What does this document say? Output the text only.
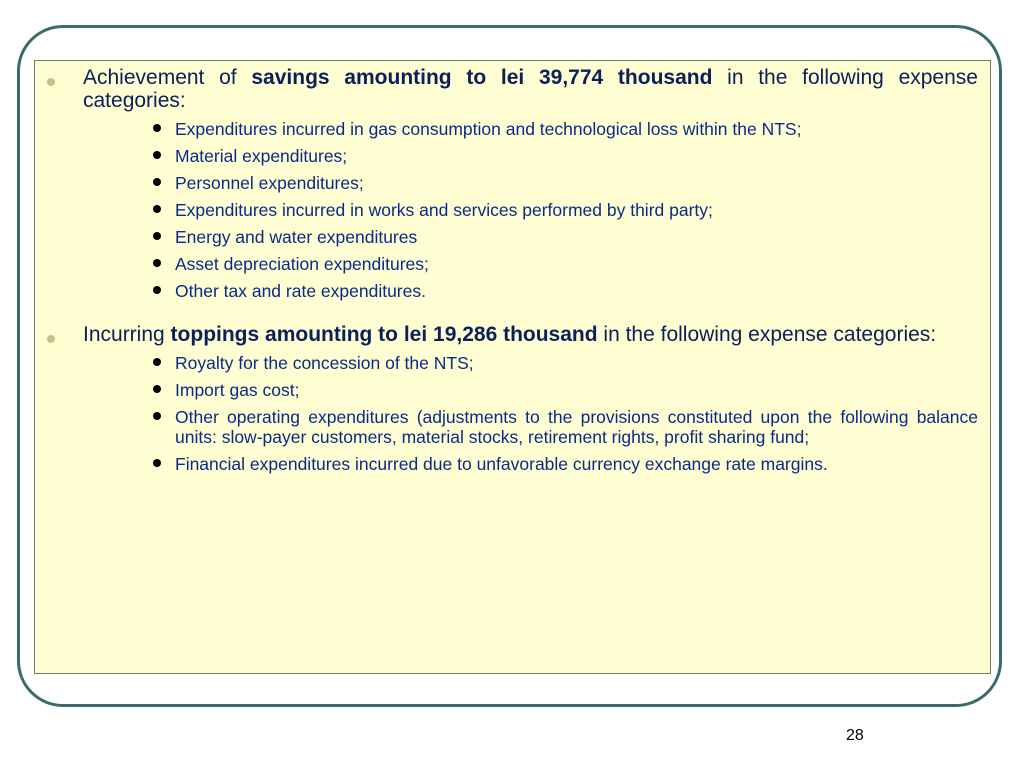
Achievement of savings amounting to lei 39,774 thousand in the following expense categories:
Expenditures incurred in gas consumption and technological loss within the NTS;
Material expenditures;
Personnel expenditures;
Expenditures incurred in works and services performed by third party;
Energy and water expenditures
Asset depreciation expenditures;
Other tax and rate expenditures.
Incurring toppings amounting to lei 19,286 thousand in the following expense categories:
Royalty for the concession of the NTS;
Import gas cost;
Other operating expenditures (adjustments to the provisions constituted upon the following balance units: slow-payer customers, material stocks, retirement rights, profit sharing fund;
Financial expenditures incurred due to unfavorable currency exchange rate margins.
28
